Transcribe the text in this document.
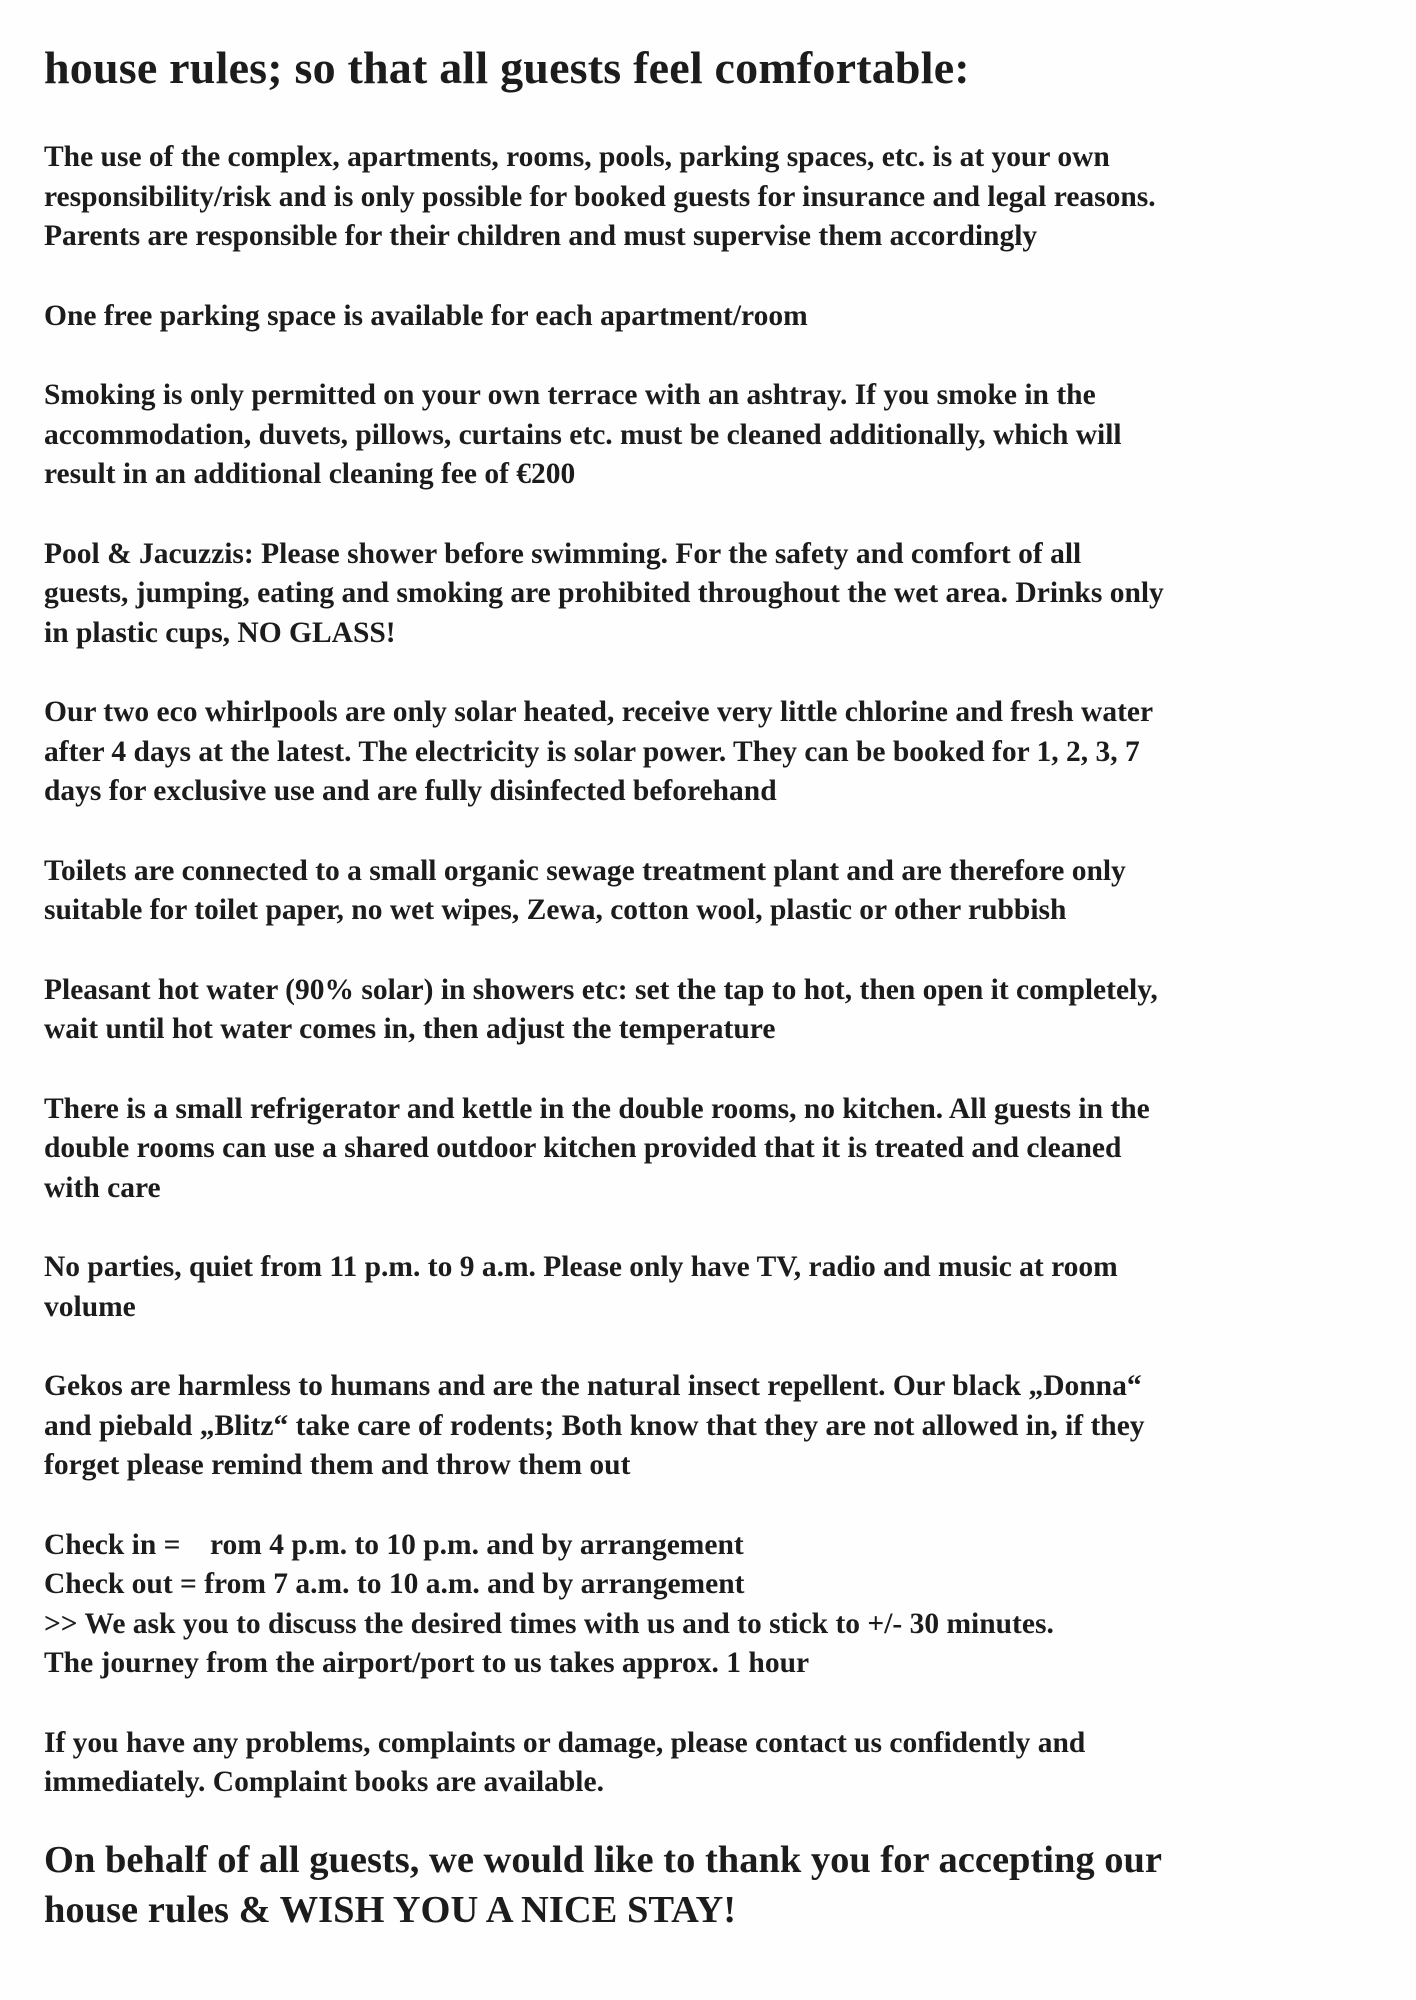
house rules; so that all guests feel comfortable:

The use of the complex, apartments, rooms, pools, parking spaces, etc. is at your own
responsibility/risk and is only possible for booked guests for insurance and legal reasons.
Parents are responsible for their children and must supervise them accordingly

One free parking space is available for each apartment/room

Smoking is only permitted on your own terrace with an ashtray. If you smoke in the
accommodation, duvets, pillows, curtains etc. must be cleaned additionally, which will
result in an additional cleaning fee of €200

Pool & Jacuzzis: Please shower before swimming. For the safety and comfort of all
guests, jumping, eating and smoking are prohibited throughout the wet area. Drinks only
in plastic cups, NO GLASS!

Our two eco whirlpools are only solar heated, receive very little chlorine and fresh water
after 4 days at the latest. The electricity is solar power. They can be booked for 1, 2, 3, 7
days for exclusive use and are fully disinfected beforehand

Toilets are connected to a small organic sewage treatment plant and are therefore only
suitable for toilet paper, no wet wipes, Zewa, cotton wool, plastic or other rubbish

Pleasant hot water (90% solar) in showers etc: set the tap to hot, then open it completely,
wait until hot water comes in, then adjust the temperature

There is a small refrigerator and kettle in the double rooms, no kitchen. All guests in the
double rooms can use a shared outdoor kitchen provided that it is treated and cleaned
with care

No parties, quiet from 11 p.m. to 9 a.m. Please only have TV, radio and music at room
volume

Gekos are harmless to humans and are the natural insect repellent. Our black „Donna“
and piebald „Blitz“ take care of rodents; Both know that they are not allowed in, if they
forget please remind them and throw them out

Check in =    rom 4 p.m. to 10 p.m. and by arrangement
Check out = from 7 a.m. to 10 a.m. and by arrangement
>> We ask you to discuss the desired times with us and to stick to +/- 30 minutes.
The journey from the airport/port to us takes approx. 1 hour

If you have any problems, complaints or damage, please contact us confidently and
immediately. Complaint books are available.

On behalf of all guests, we would like to thank you for accepting our
house rules & WISH YOU A NICE STAY!
